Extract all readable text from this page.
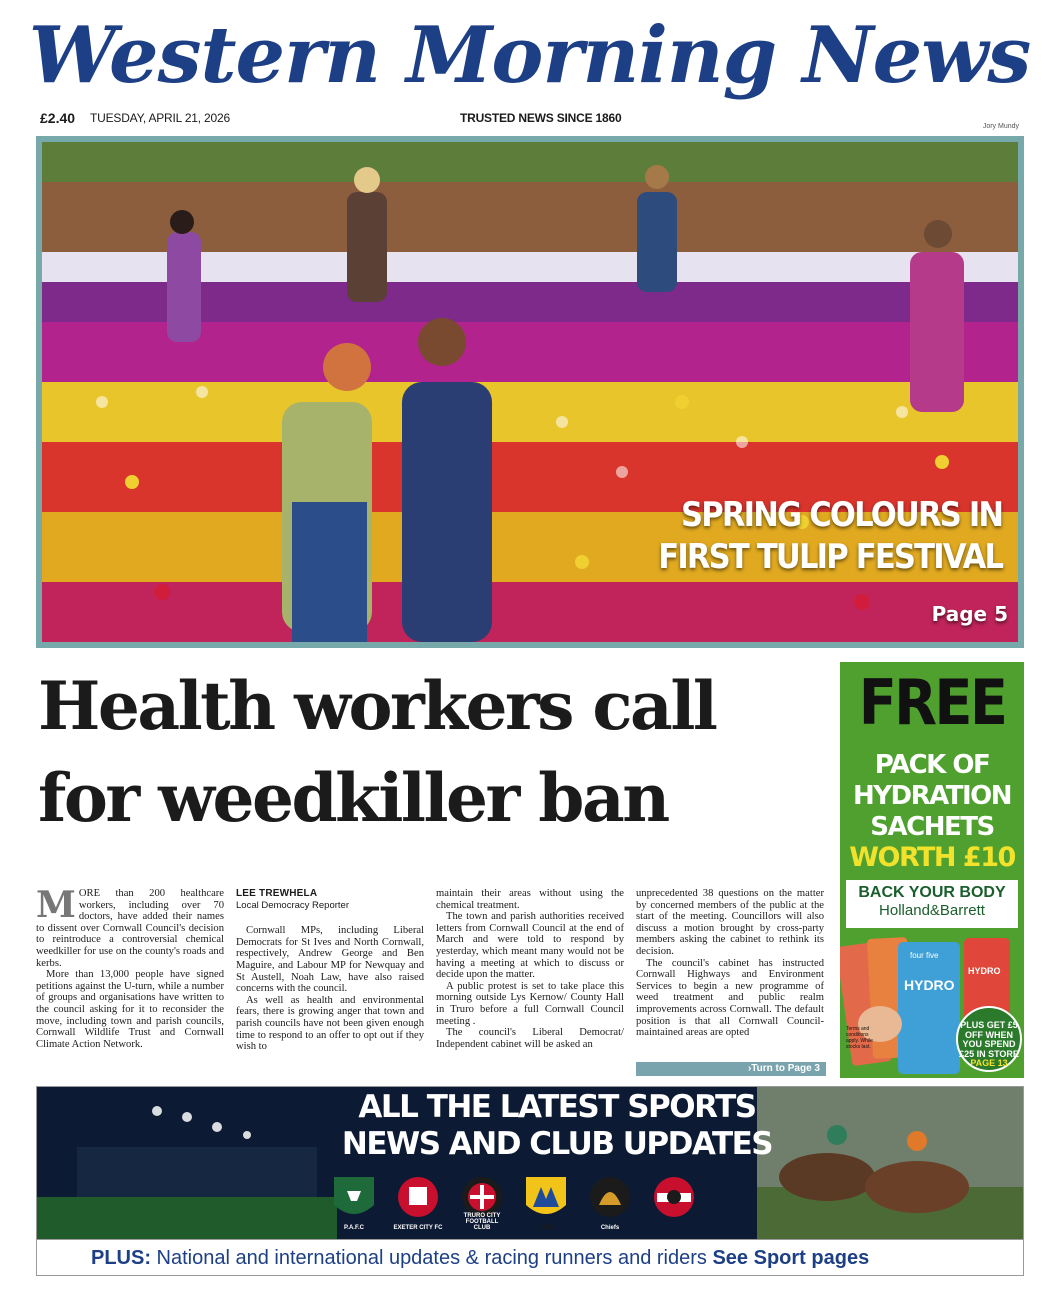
Western Morning News
£2.40 TUESDAY, APRIL 21, 2026	TRUSTED NEWS SINCE 1860
Jory Mundy
SPRING COLOURS IN
FIRST TULIP FESTIVAL
Page 5
Health workers call
for weedkiller ban
M ORE than 200 healthcare workers, including over 70 doctors, have added their names to dissent over Cornwall Council's decision to reintroduce a controversial chemical weedkiller for use on the county's roads and kerbs.

More than 13,000 people have signed petitions against the U-turn, while a number of groups and organisations have written to the council asking for it to reconsider the move, including town and parish councils, Cornwall Wildlife Trust and Cornwall Climate Action Network.

LEE TREWHELA
Local Democracy Reporter

Cornwall MPs, including Liberal Democrats for St Ives and North Cornwall, respectively, Andrew George and Ben Maguire, and Labour MP for Newquay and St Austell, Noah Law, have also raised concerns with the council.

As well as health and environmental fears, there is growing anger that town and parish councils have not been given enough time to respond to an offer to opt out if they wish to

maintain their areas without using the chemical treatment.

The town and parish authorities received letters from Cornwall Council at the end of March and were told to respond by yesterday, which meant many would not be having a meeting at which to discuss or decide upon the matter.

A public protest is set to take place this morning outside Lys Kernow/ County Hall in Truro before a full Cornwall Council meeting .

The council's Liberal Democrat/ Independent cabinet will be asked an

unprecedented 38 questions on the matter by concerned members of the public at the start of the meeting. Councillors will also discuss a motion brought by cross-party members asking the cabinet to rethink its decision.

The council's cabinet has instructed Cornwall Highways and Environment Services to begin a new programme of weed treatment and public realm improvements across Cornwall. The default position is that all Cornwall Council-maintained areas are opted

›Turn to Page 3
FREE
PACK OF
HYDRATION
SACHETS
WORTH £10
BACK YOUR BODY
Holland&Barrett
HYDRO
four five
HYDRO
Terms and conditions apply. While stocks last.
PLUS GET £5
OFF WHEN
YOU SPEND
£25 IN STORE
PAGE 13
ALL THE LATEST SPORTS
NEWS AND CLUB UPDATES
P.A.F.C	EXETER CITY FC
TRURO CITY FOOTBALL CLUB	1899	Chiefs
PLUS: National and international updates & racing runners and riders See Sport pages
